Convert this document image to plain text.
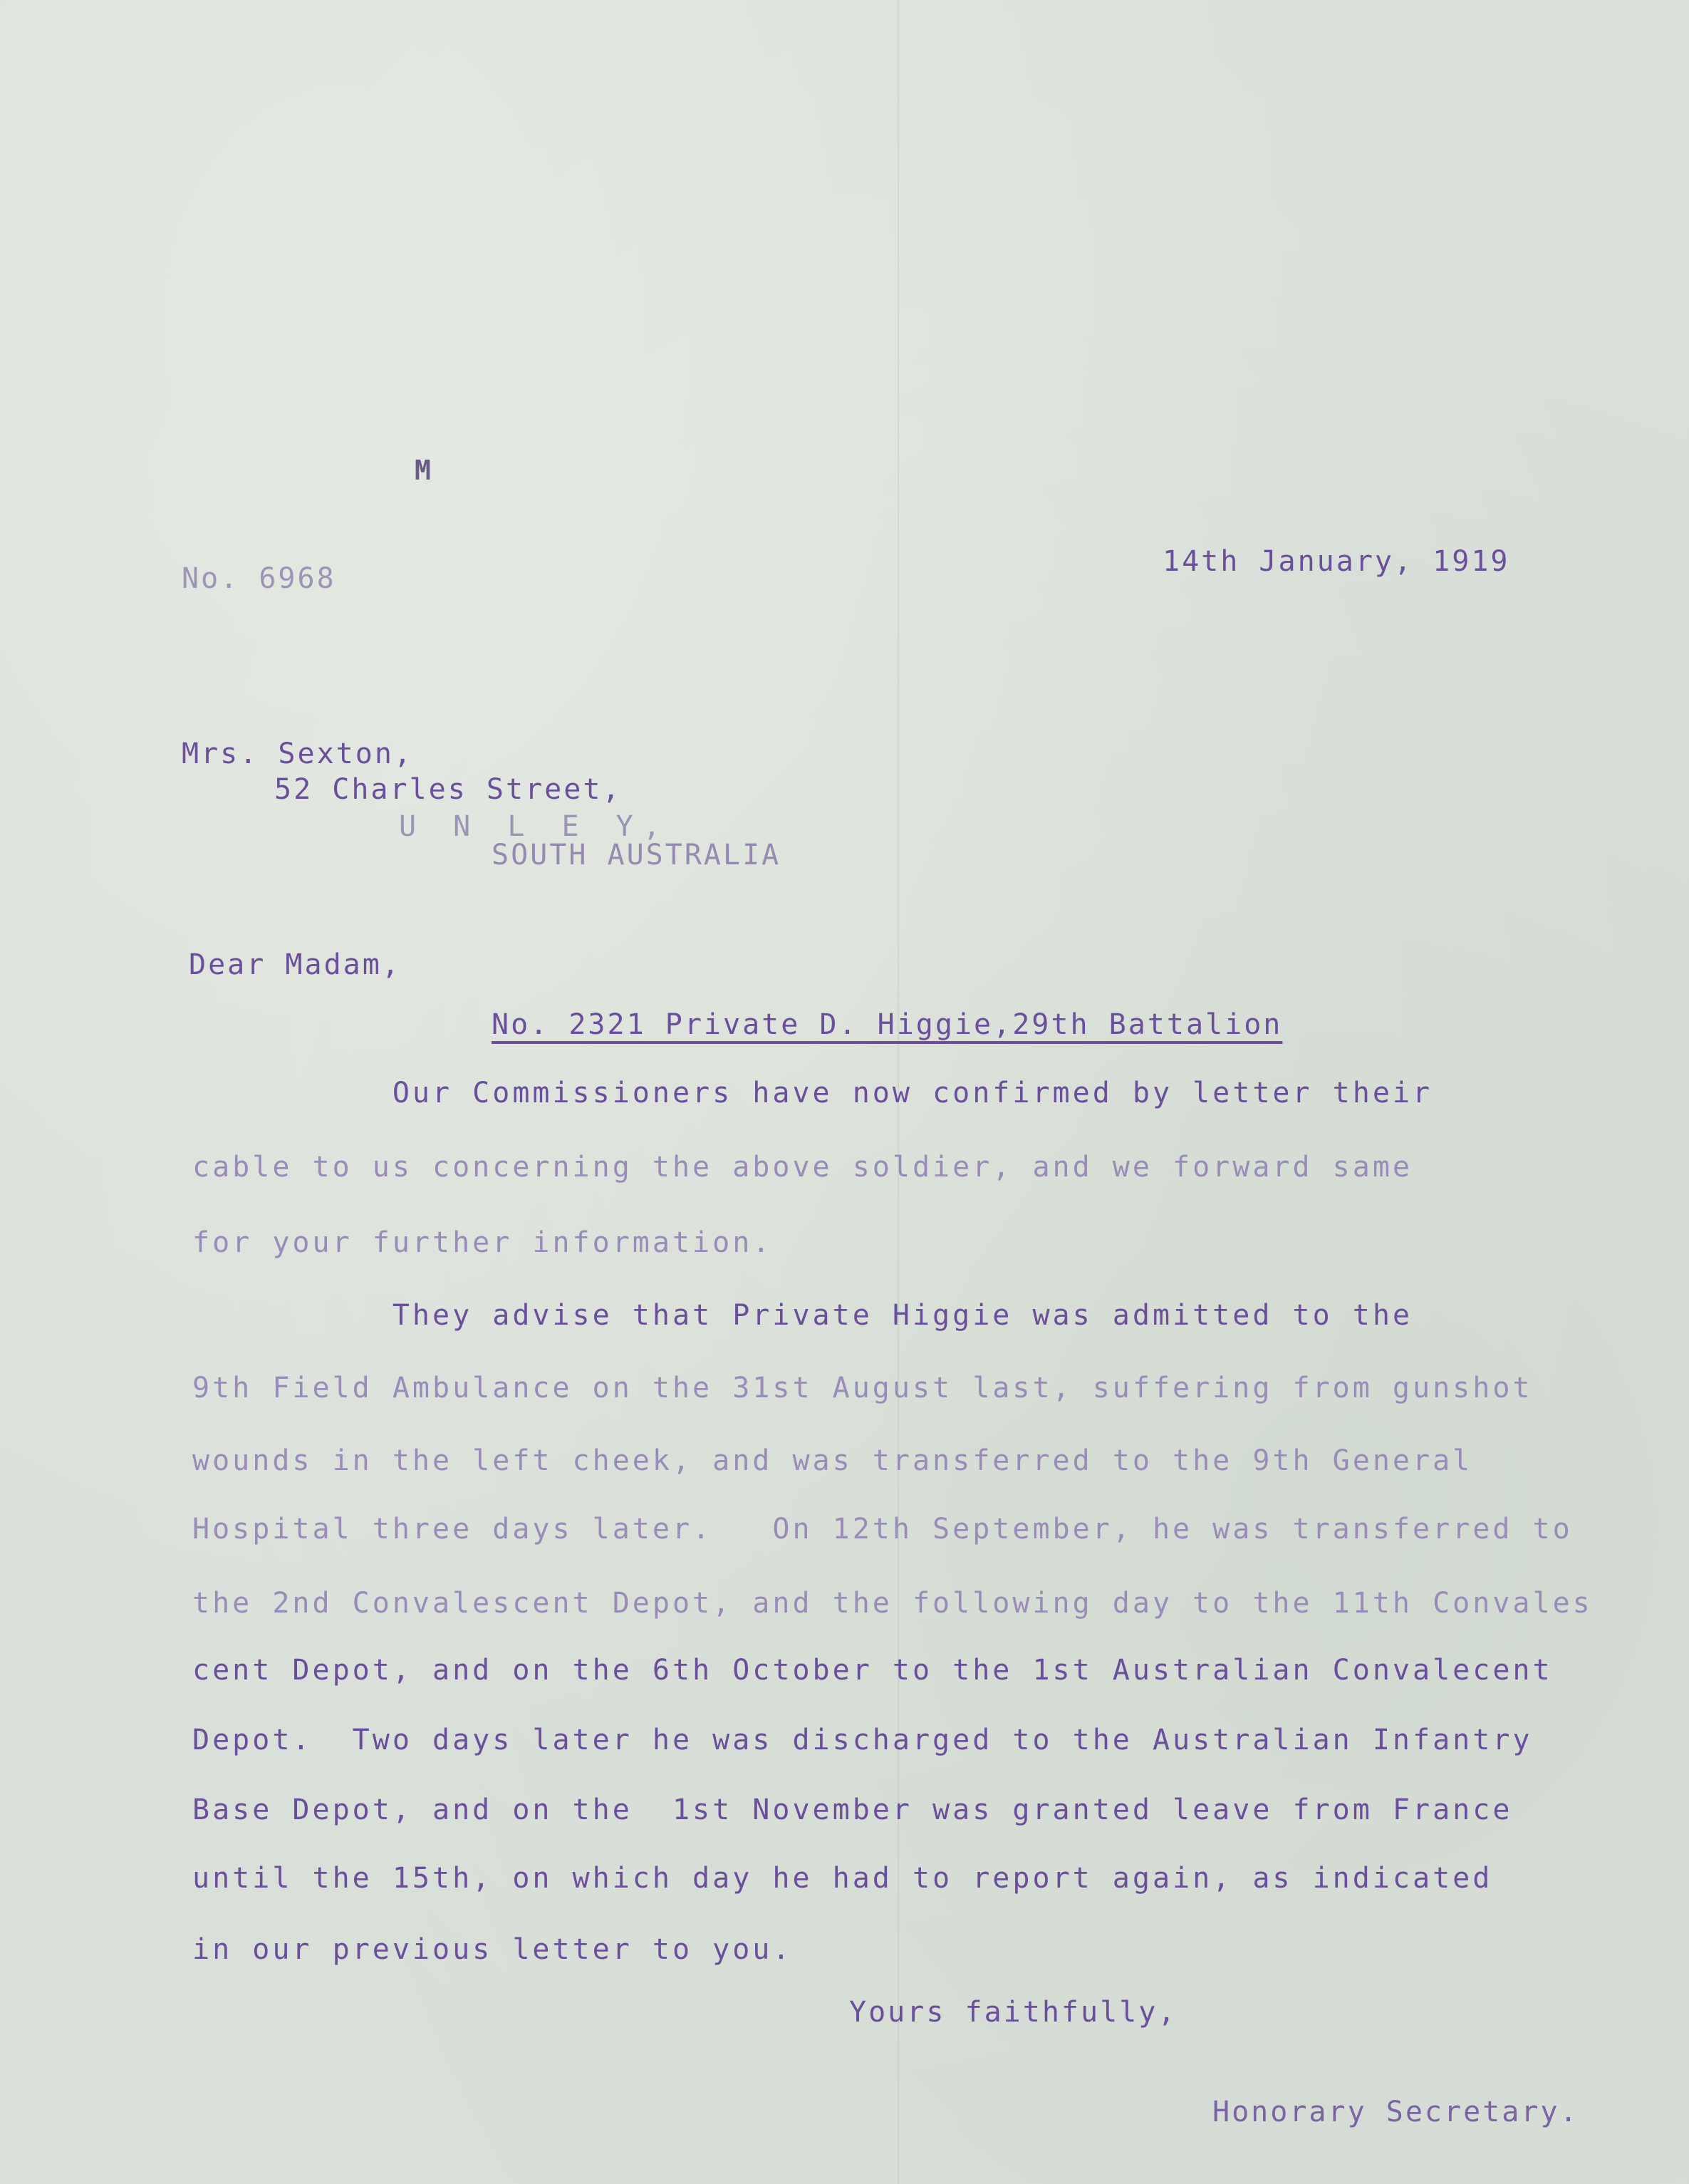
M
No. 6968
14th January, 1919
Mrs. Sexton,
52 Charles Street,
U N L E Y,
SOUTH AUSTRALIA
Dear Madam,
No. 2321 Private D. Higgie,29th Battalion
Our Commissioners have now confirmed by letter their
cable to us concerning the above soldier, and we forward same
for your further information.
They advise that Private Higgie was admitted to the
9th Field Ambulance on the 31st August last, suffering from gunshot
wounds in the left cheek, and was transferred to the 9th General
Hospital three days later.   On 12th September, he was transferred to
the 2nd Convalescent Depot, and the following day to the 11th Convales
cent Depot, and on the 6th October to the 1st Australian Convalecent
Depot.  Two days later he was discharged to the Australian Infantry
Base Depot, and on the  1st November was granted leave from France
until the 15th, on which day he had to report again, as indicated
in our previous letter to you.
Yours faithfully,
Honorary Secretary.
